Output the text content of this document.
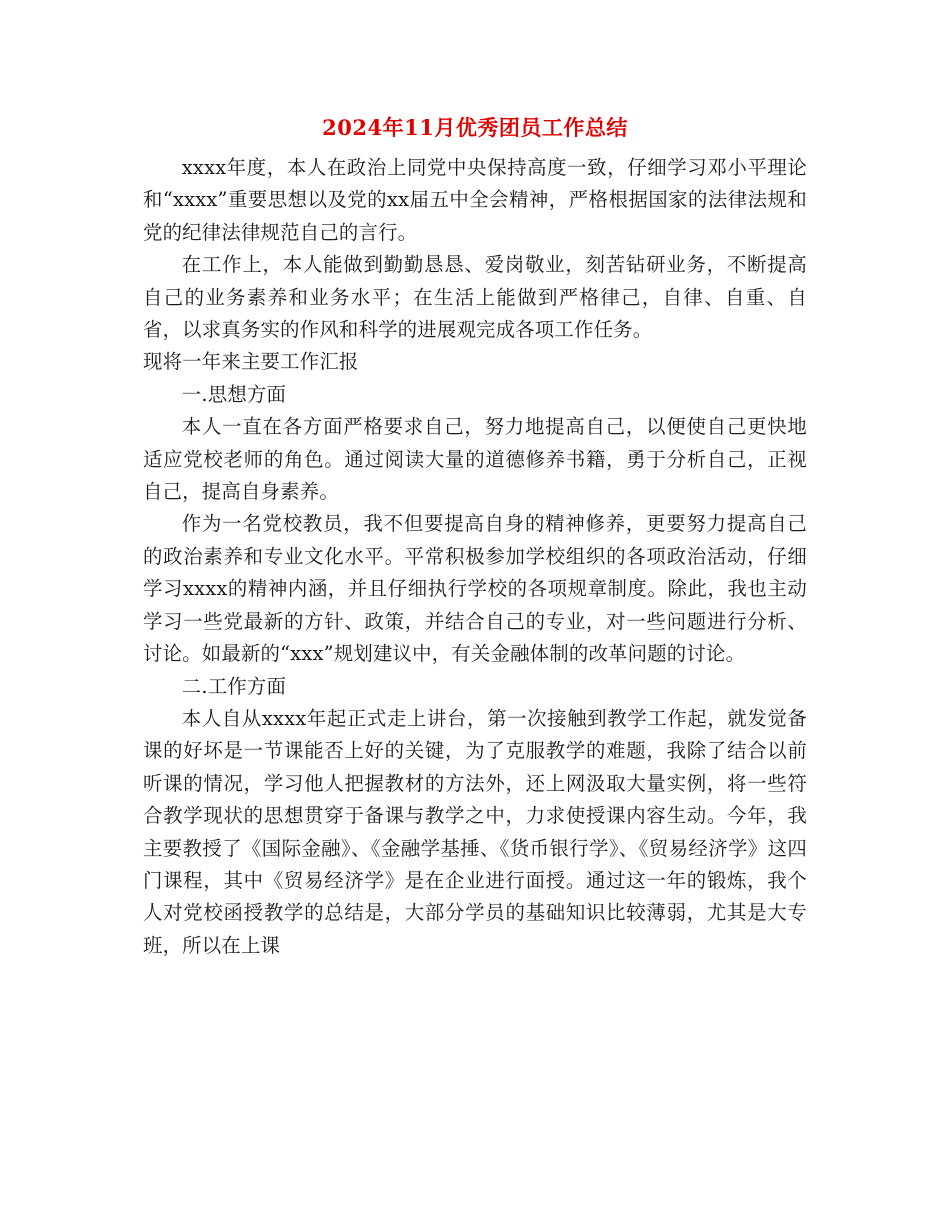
2024年11月优秀团员工作总结

xxxx年度，本人在政治上同党中央保持高度一致，仔细学习邓小平理论和“xxxx”重要思想以及党的xx届五中全会精神，严格根据国家的法律法规和党的纪律法律规范自己的言行。

在工作上，本人能做到勤勤恳恳、爱岗敬业，刻苦钻研业务，不断提高自己的业务素养和业务水平；在生活上能做到严格律己，自律、自重、自省，以求真务实的作风和科学的进展观完成各项工作任务。

现将一年来主要工作汇报

一.思想方面

本人一直在各方面严格要求自己，努力地提高自己，以便使自己更快地适应党校老师的角色。通过阅读大量的道德修养书籍，勇于分析自己，正视自己，提高自身素养。

作为一名党校教员，我不但要提高自身的精神修养，更要努力提高自己的政治素养和专业文化水平。平常积极参加学校组织的各项政治活动，仔细学习xxxx的精神内涵，并且仔细执行学校的各项规章制度。除此，我也主动学习一些党最新的方针、政策，并结合自己的专业，对一些问题进行分析、讨论。如最新的“xxx”规划建议中，有关金融体制的改革问题的讨论。

二.工作方面

本人自从xxxx年起正式走上讲台，第一次接触到教学工作起，就发觉备课的好坏是一节课能否上好的关键，为了克服教学的难题，我除了结合以前听课的情况，学习他人把握教材的方法外，还上网汲取大量实例，将一些符合教学现状的思想贯穿于备课与教学之中，力求使授课内容生动。今年，我主要教授了《国际金融》、《金融学基捶、《货币银行学》、《贸易经济学》这四门课程，其中《贸易经济学》是在企业进行面授。通过这一年的锻炼，我个人对党校函授教学的总结是，大部分学员的基础知识比较薄弱，尤其是大专班，所以在上课
